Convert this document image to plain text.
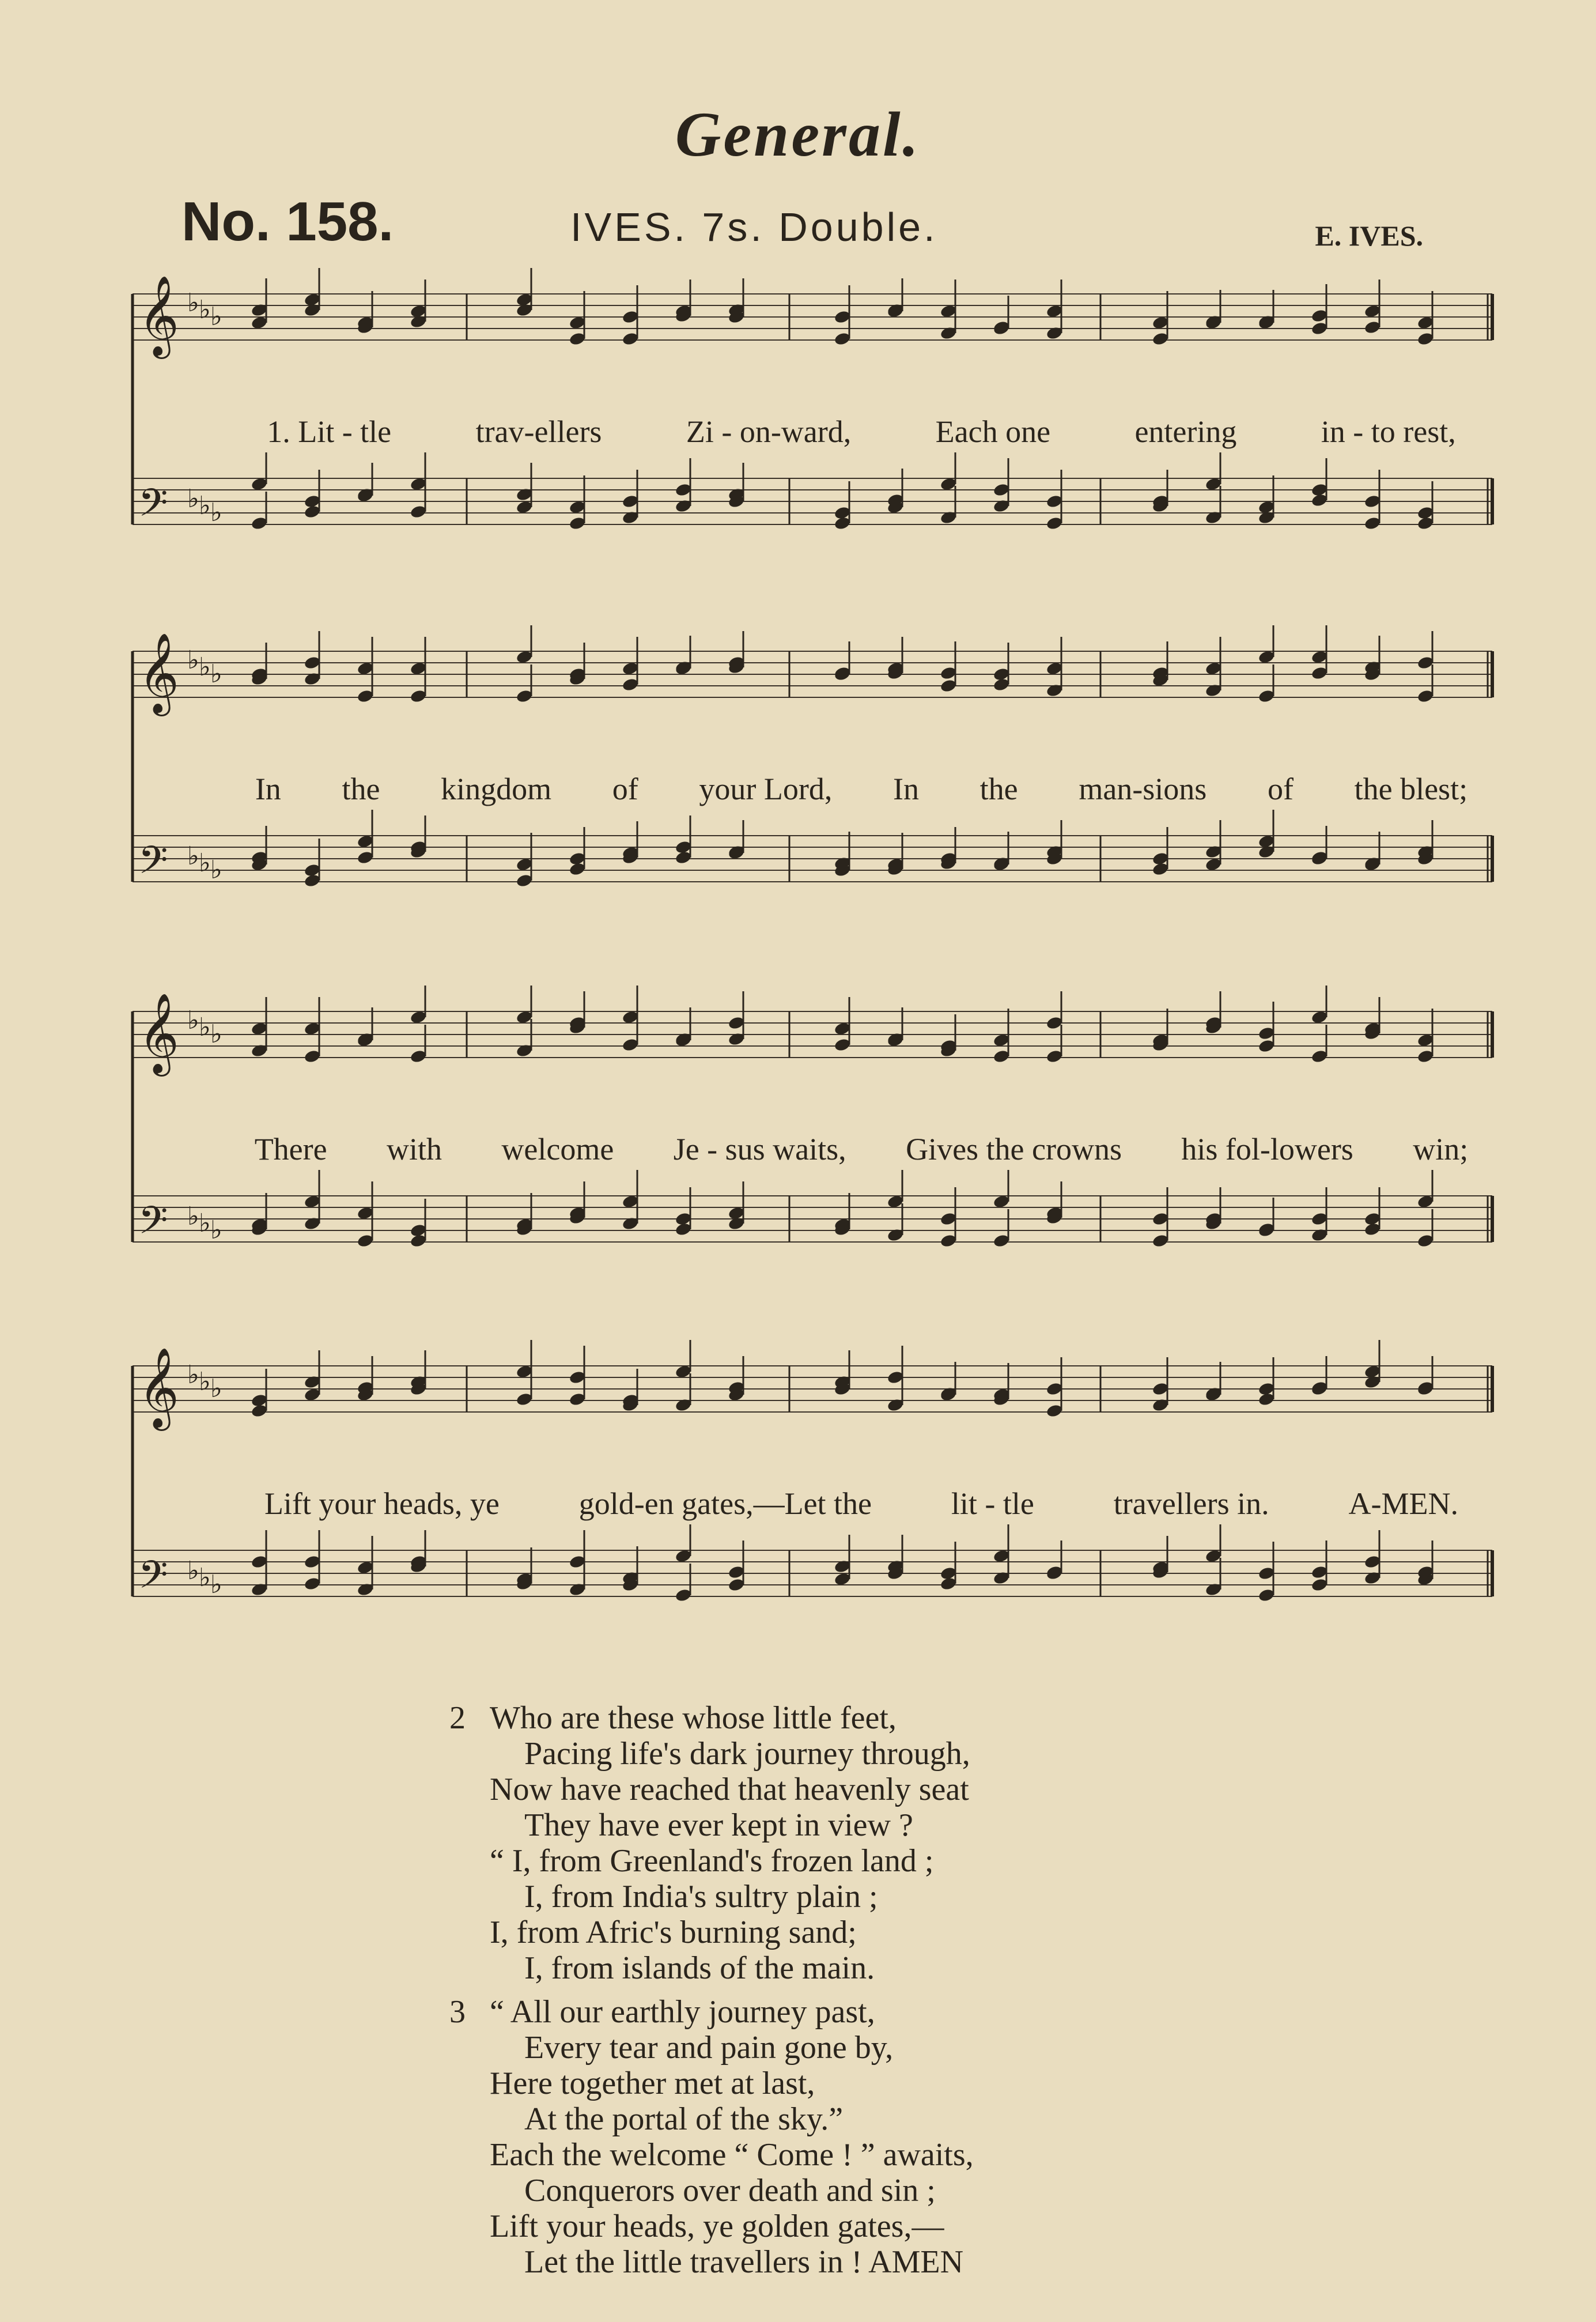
General.
No. 158.	IVES. 7s. Double.	E. IVES.
𝄞 ♭ ♭ ♭
𝄢 ♭ ♭ ♭
1. Lit - tle	trav-ellers	Zi - on-ward,	Each one	entering	in - to rest,
𝄞 ♭ ♭ ♭
𝄢 ♭ ♭ ♭
In the kingdom of your Lord, In the man-sions of the blest;
𝄞 ♭ ♭ ♭
𝄢 ♭ ♭ ♭
There with welcome Je - sus waits, Gives the crowns his fol-lowers win;
𝄞 ♭ ♭ ♭
𝄢 ♭ ♭ ♭
Lift your heads, ye	gold-en gates,—Let the	lit - tle	travellers in.	A-MEN.
2 Who are these whose little feet,
Pacing life's dark journey through,
Now have reached that heavenly seat
They have ever kept in view ?
“ I, from Greenland's frozen land ;
I, from India's sultry plain ;
I, from Afric's burning sand;
I, from islands of the main.
3 “ All our earthly journey past,
Every tear and pain gone by,
Here together met at last,
At the portal of the sky.”
Each the welcome “ Come ! ” awaits,
Conquerors over death and sin ;
Lift your heads, ye golden gates,—
Let the little travellers in ! AMEN
